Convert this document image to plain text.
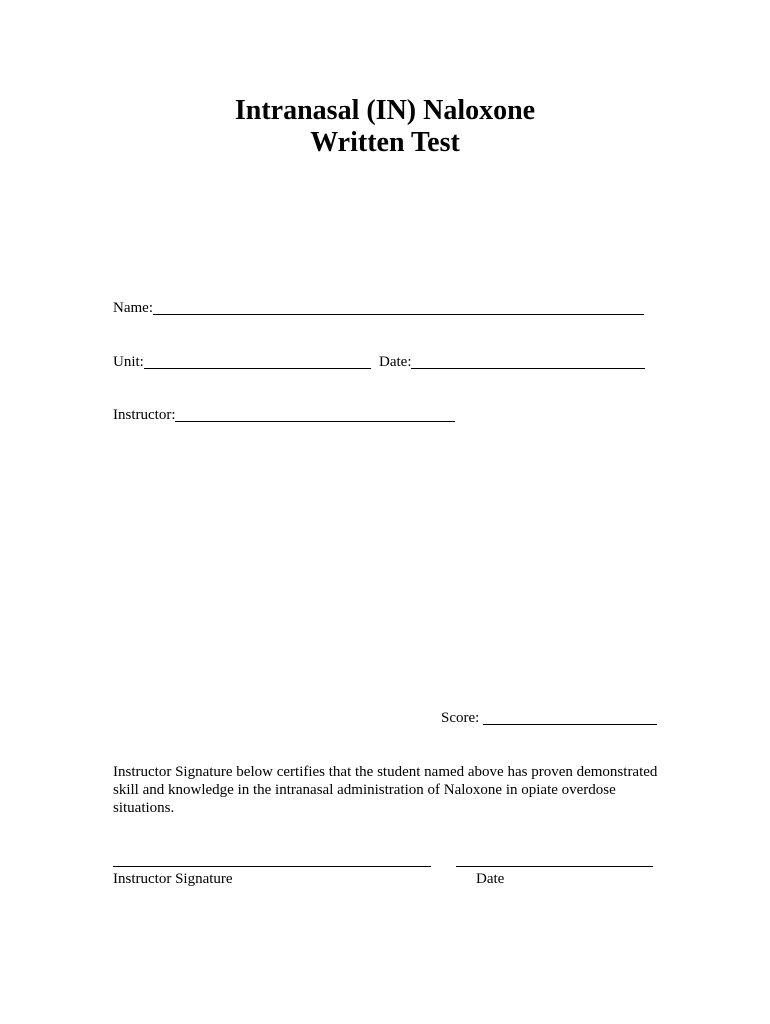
Intranasal (IN) Naloxone
Written Test
Name:
Unit:	Date:
Instructor:
Score:

Instructor Signature below certifies that the student named above has proven demonstrated skill and knowledge in the intranasal administration of Naloxone in opiate overdose situations.

Instructor Signature	Date
